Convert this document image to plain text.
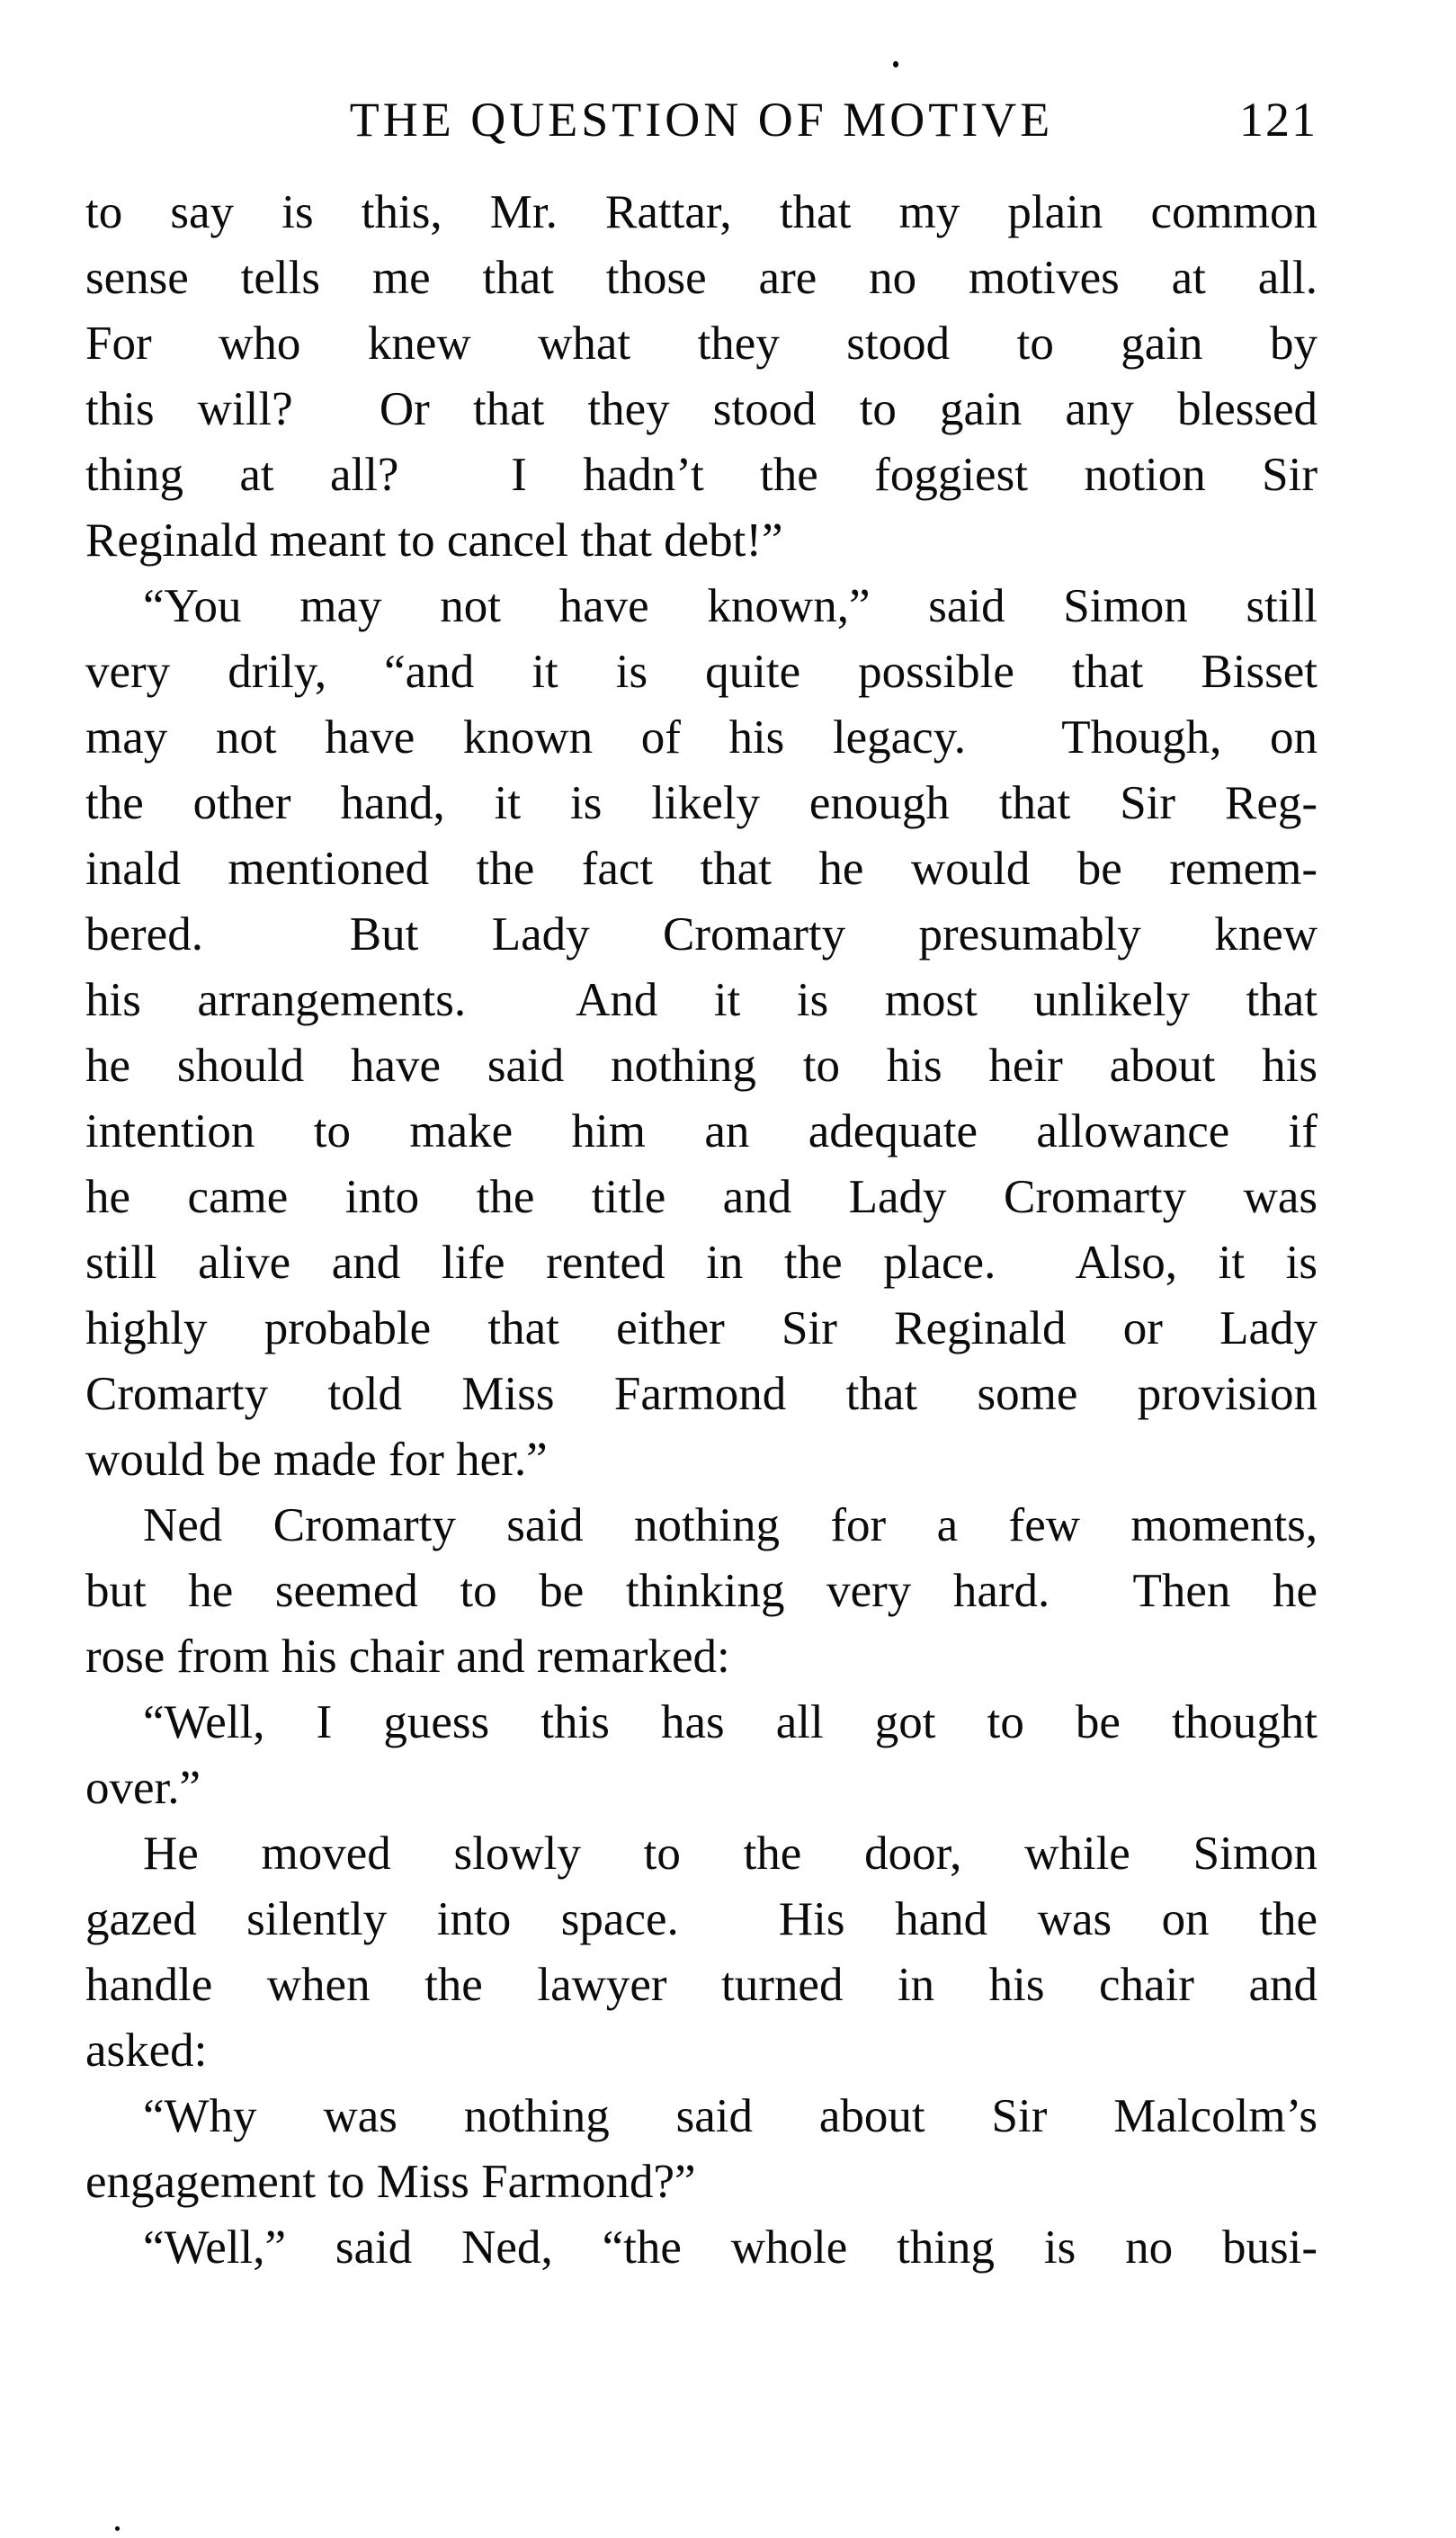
THE QUESTION OF MOTIVE	121
to say is this, Mr. Rattar, that my plain common
sense tells me that those are no motives at all.
For who knew what they stood to gain by
this will?  Or that they stood to gain any blessed
thing at all?  I hadn’t the foggiest notion Sir
Reginald meant to cancel that debt!”
“You may not have known,” said Simon still
very drily, “and it is quite possible that Bisset
may not have known of his legacy.  Though, on
the other hand, it is likely enough that Sir Reg-
inald mentioned the fact that he would be remem-
bered.  But Lady Cromarty presumably knew
his arrangements.  And it is most unlikely that
he should have said nothing to his heir about his
intention to make him an adequate allowance if
he came into the title and Lady Cromarty was
still alive and life rented in the place.  Also, it is
highly probable that either Sir Reginald or Lady
Cromarty told Miss Farmond that some provision
would be made for her.”
Ned Cromarty said nothing for a few moments,
but he seemed to be thinking very hard.  Then he
rose from his chair and remarked:
“Well, I guess this has all got to be thought
over.”
He moved slowly to the door, while Simon
gazed silently into space.  His hand was on the
handle when the lawyer turned in his chair and
asked:
“Why was nothing said about Sir Malcolm’s
engagement to Miss Farmond?”
“Well,” said Ned, “the whole thing is no busi-
